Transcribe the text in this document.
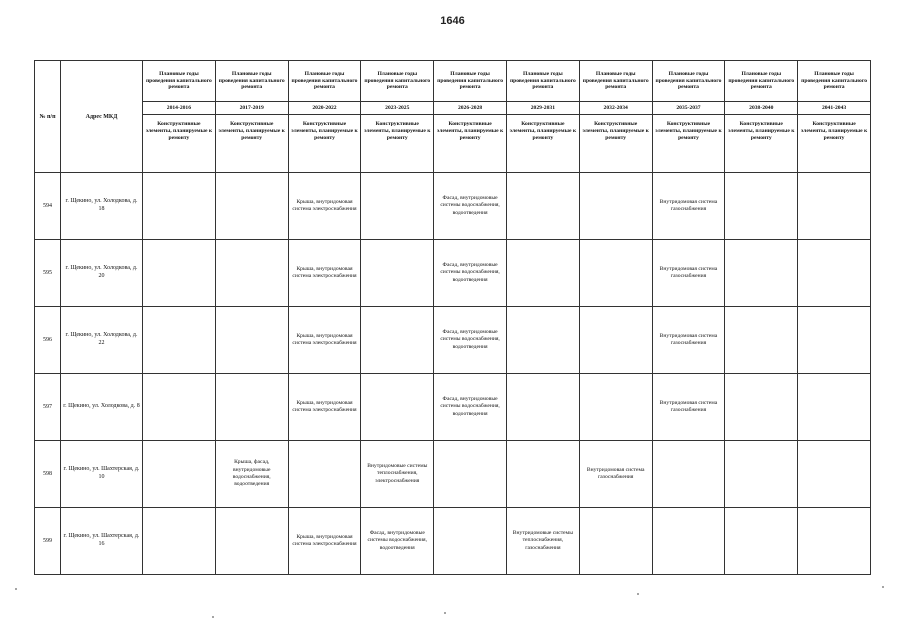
1646
№ п/п	Адрес МКД	Плановые годы проведения капитального ремонта	Плановые годы проведения капитального ремонта	Плановые годы проведения капитального ремонта	Плановые годы проведения капитального ремонта	Плановые годы проведения капитального ремонта	Плановые годы проведения капитального ремонта	Плановые годы проведения капитального ремонта	Плановые годы проведения капитального ремонта	Плановые годы проведения капитального ремонта	Плановые годы проведения капитального ремонта
		2014-2016	2017-2019	2020-2022	2023-2025	2026-2028	2029-2031	2032-2034	2035-2037	2038-2040	2041-2043
		Конструктивные элементы, планируемые к ремонту	Конструктивные элементы, планируемые к ремонту	Конструктивные элементы, планируемые к ремонту	Конструктивные элементы, планируемые к ремонту	Конструктивные элементы, планируемые к ремонту	Конструктивные элементы, планируемые к ремонту	Конструктивные элементы, планируемые к ремонту	Конструктивные элементы, планируемые к ремонту	Конструктивные элементы, планируемые к ремонту	Конструктивные элементы, планируемые к ремонту
594	г. Щекино, ул. Холодкова, д. 18			Крыша, внутридомовая система электроснабжения		Фасад, внутридомовые системы водоснабжения, водоотведения			Внутридомовая система газоснабжения		
595	г. Щекино, ул. Холодкова, д. 20			Крыша, внутридомовая система электроснабжения		Фасад, внутридомовые системы водоснабжения, водоотведения			Внутридомовая система газоснабжения		
596	г. Щекино, ул. Холодкова, д. 22			Крыша, внутридомовая система электроснабжения		Фасад, внутридомовые системы водоснабжения, водоотведения			Внутридомовая система газоснабжения		
597	г. Щекино, ул. Холодкова, д. 8			Крыша, внутридомовая система электроснабжения		Фасад, внутридомовые системы водоснабжения, водоотведения			Внутридомовая система газоснабжения		
598	г. Щекино, ул. Шахтерская, д. 10		Крыша, фасад, внутридомовые водоснабжения, водоотведения		Внутридомовые системы теплоснабжения, электроснабжения			Внутридомовая система газоснабжения			
599	г. Щекино, ул. Шахтерская, д. 16			Крыша, внутридомовая система электроснабжения	Фасад, внутридомовые системы водоснабжения, водоотведения		Внутридомовые системы теплоснабжения, газоснабжения				
